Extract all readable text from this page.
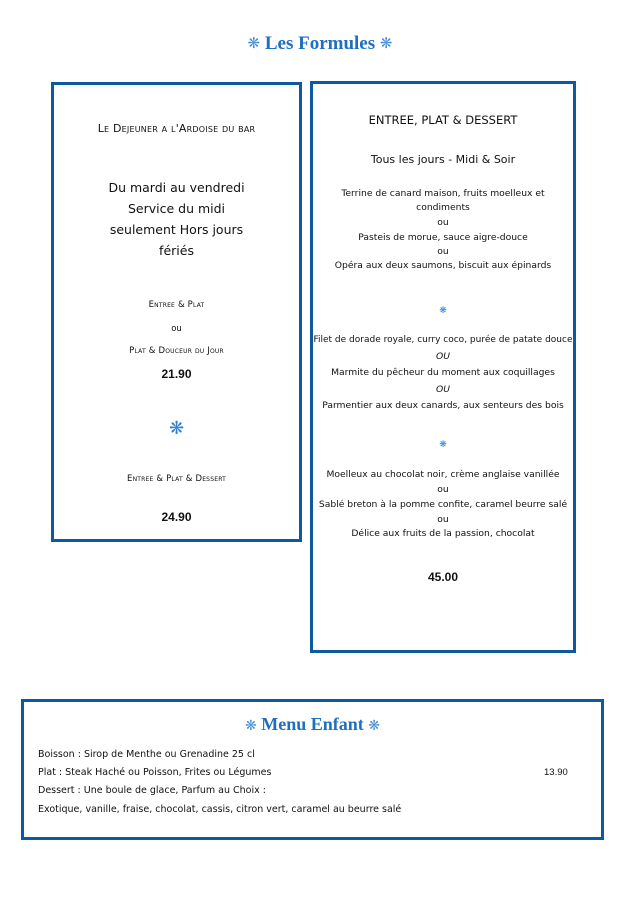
❋ Les Formules ❋
Le Dejeuner a l'Ardoise du bar
Du mardi au vendredi
Service du midi
seulement Hors jours
fériés
Entree & Plat
ou
Plat & Douceur du Jour
21.90
❋
Entree & Plat & Dessert
24.90
ENTREE, PLAT & DESSERT
Tous les jours - Midi & Soir
Terrine de canard maison, fruits moelleux et
condiments
ou
Pasteis de morue, sauce aigre-douce
ou
Opéra aux deux saumons, biscuit aux épinards
❋
Filet de dorade royale, curry coco, purée de patate douce
OU
Marmite du pêcheur du moment aux coquillages
OU
Parmentier aux deux canards, aux senteurs des bois
❋
Moelleux au chocolat noir, crème anglaise vanillée
ou
Sablé breton à la pomme confite, caramel beurre salé
ou
Délice aux fruits de la passion, chocolat
45.00
❋ Menu Enfant ❋
Boisson : Sirop de Menthe ou Grenadine 25 cl
Plat : Steak Haché ou Poisson, Frites ou Légumes	13.90
Dessert : Une boule de glace, Parfum au Choix :
Exotique, vanille, fraise, chocolat, cassis, citron vert, caramel au beurre salé
